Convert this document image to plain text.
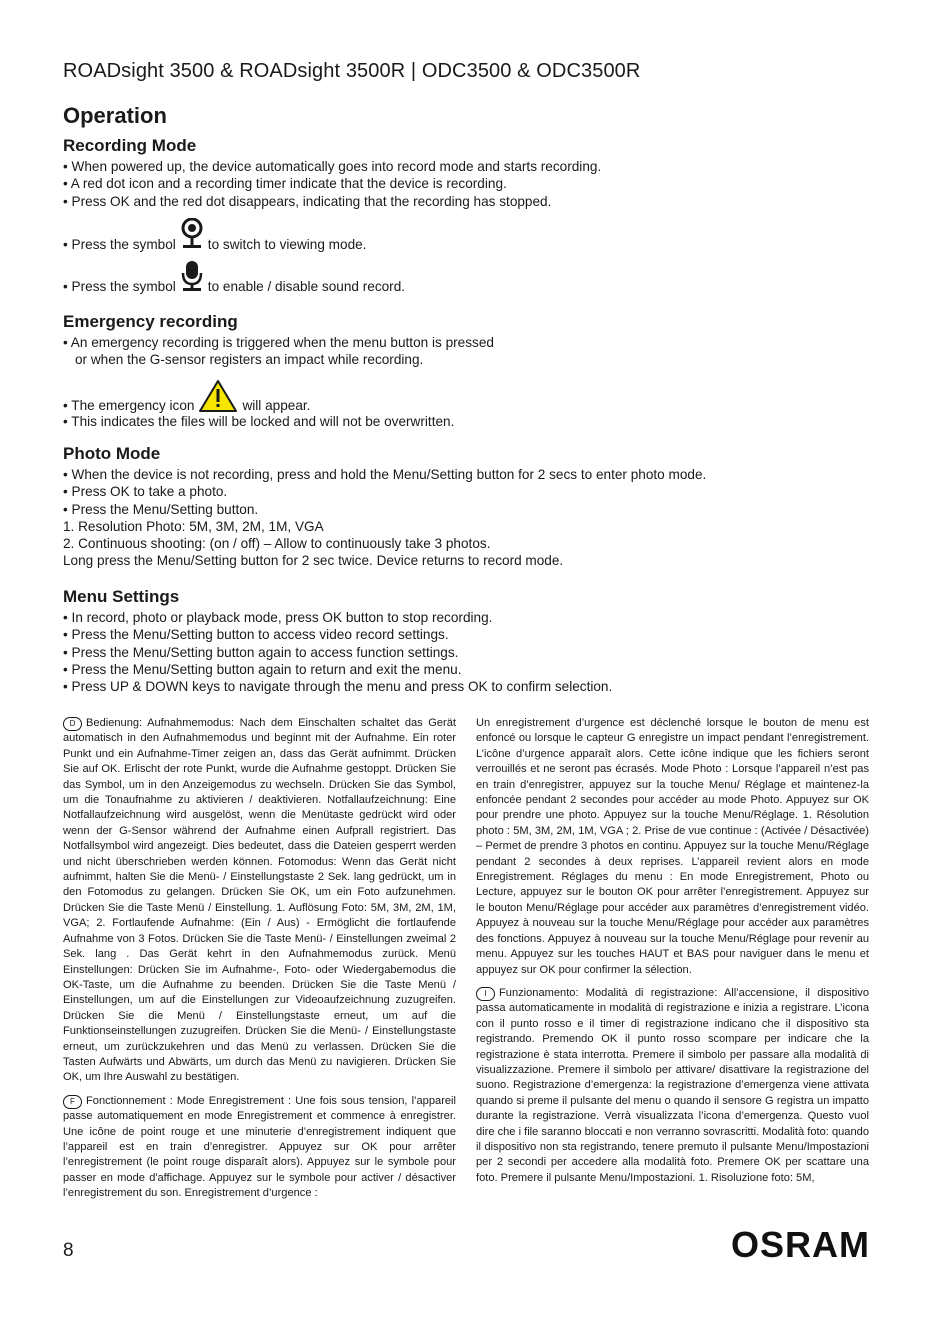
ROADsight 3500 & ROADsight 3500R | ODC3500 & ODC3500R
Operation
Recording Mode
• When powered up, the device automatically goes into record mode and starts recording.
• A red dot icon and a recording timer indicate that the device is recording.
• Press OK and the red dot disappears, indicating that the recording has stopped.
• Press the symbol to switch to viewing mode.
• Press the symbol to enable / disable sound record.
Emergency recording
• An emergency recording is triggered when the menu button is pressed
or when the G-sensor registers an impact while recording.
• The emergency icon	will appear.
• This indicates the files will be locked and will not be overwritten.
Photo Mode
• When the device is not recording, press and hold the Menu/Setting button for 2 secs to enter photo mode.
• Press OK to take a photo.
• Press the Menu/Setting button.
1. Resolution Photo: 5M, 3M, 2M, 1M, VGA
2. Continuous shooting: (on / off) – Allow to continuously take 3 photos.
Long press the Menu/Setting button for 2 sec twice. Device returns to record mode.
Menu Settings
• In record, photo or playback mode, press OK button to stop recording.
• Press the Menu/Setting button to access video record settings.
• Press the Menu/Setting button again to access function settings.
• Press the Menu/Setting button again to return and exit the menu.
• Press UP & DOWN keys to navigate through the menu and press OK to confirm selection.

D Bedienung: Aufnahmemodus: Nach dem Einschalten schaltet das Gerät automatisch in den Aufnahmemodus und beginnt mit der Aufnahme. Ein roter Punkt und ein Aufnahme-Timer zeigen an, dass das Gerät aufnimmt. Drücken Sie auf OK. Erlischt der rote Punkt, wurde die Aufnahme gestoppt. Drücken Sie das Symbol, um in den Anzeigemodus zu wechseln. Drücken Sie das Symbol, um die Tonaufnahme zu aktivieren / deaktivieren. Notfallaufzeichnung: Eine Notfallaufzeichnung wird ausgelöst, wenn die Menütaste gedrückt wird oder wenn der G-Sensor während der Aufnahme einen Aufprall registriert. Das Notfallsymbol wird angezeigt. Dies bedeutet, dass die Dateien gesperrt werden und nicht überschrieben werden können. Fotomodus: Wenn das Gerät nicht aufnimmt, halten Sie die Menü- / Einstellungstaste 2 Sek. lang gedrückt, um in den Fotomodus zu gelangen. Drücken Sie OK, um ein Foto aufzunehmen. Drücken Sie die Taste Menü / Einstellung. 1. Auflösung Foto: 5M, 3M, 2M, 1M, VGA; 2. Fortlaufende Aufnahme: (Ein / Aus) - Ermöglicht die fortlaufende Aufnahme von 3 Fotos. Drücken Sie die Taste Menü- / Einstellungen zweimal 2 Sek. lang . Das Gerät kehrt in den Aufnahmemodus zurück. Menü Einstellungen: Drücken Sie im Aufnahme-, Foto- oder Wiedergabemodus die OK-Taste, um die Aufnahme zu beenden. Drücken Sie die Taste Menü / Einstellungen, um auf die Einstellungen zur Videoaufzeichnung zuzugreifen. Drücken Sie die Menü / Einstellungstaste erneut, um auf die Funktionseinstellungen zuzugreifen. Drücken Sie die Menü- / Einstellungstaste erneut, um zurückzukehren und das Menü zu verlassen. Drücken Sie die Tasten Aufwärts und Abwärts, um durch das Menü zu navigieren. Drücken Sie OK, um Ihre Auswahl zu bestätigen.

F Fonctionnement : Mode Enregistrement : Une fois sous tension, l’appareil passe automatiquement en mode Enregistrement et commence à enregistrer. Une icône de point rouge et une minuterie d’enregistrement indiquent que l’appareil est en train d’enregistrer. Appuyez sur OK pour arrêter l’enregistrement (le point rouge disparaît alors). Appuyez sur le symbole pour passer en mode d'affichage. Appuyez sur le symbole pour activer / désactiver l’enregistrement du son. Enregistrement d’urgence :

Un enregistrement d’urgence est déclenché lorsque le bouton de menu est enfoncé ou lorsque le capteur G enregistre un impact pendant l’enregistrement. L’icône d’urgence apparaît alors. Cette icône indique que les fichiers seront verrouillés et ne seront pas écrasés. Mode Photo : Lorsque l’appareil n’est pas en train d’enregistrer, appuyez sur la touche Menu/ Réglage et maintenez-la enfoncée pendant 2 secondes pour accéder au mode Photo. Appuyez sur OK pour prendre une photo. Appuyez sur la touche Menu/Réglage. 1. Résolution photo : 5M, 3M, 2M, 1M, VGA ; 2. Prise de vue continue : (Activée / Désactivée) – Permet de prendre 3 photos en continu. Appuyez sur la touche Menu/Réglage pendant 2 secondes à deux reprises. L’appareil revient alors en mode Enregistrement. Réglages du menu : En mode Enregistrement, Photo ou Lecture, appuyez sur le bouton OK pour arrêter l’enregistrement. Appuyez sur le bouton Menu/Réglage pour accéder aux paramètres d’enregistrement vidéo. Appuyez à nouveau sur la touche Menu/Réglage pour accéder aux paramètres des fonctions. Appuyez à nouveau sur la touche Menu/Réglage pour revenir au menu. Appuyez sur les touches HAUT et BAS pour naviguer dans le menu et appuyez sur OK pour confirmer la sélection.

I Funzionamento: Modalità di registrazione: All’accensione, il dispositivo passa automaticamente in modalità di registrazione e inizia a registrare. L’icona con il punto rosso e il timer di registrazione indicano che il dispositivo sta registrando. Premendo OK il punto rosso scompare per indicare che la registrazione è stata interrotta. Premere il simbolo per passare alla modalità di visualizzazione. Premere il simbolo per attivare/ disattivare la registrazione del suono. Registrazione d’emergenza: la registrazione d’emergenza viene attivata quando si preme il pulsante del menu o quando il sensore G registra un impatto durante la registrazione. Verrà visualizzata l’icona d’emergenza. Questo vuol dire che i file saranno bloccati e non verranno sovrascritti. Modalità foto: quando il dispositivo non sta registrando, tenere premuto il pulsante Menu/Impostazioni per 2 secondi per accedere alla modalità foto. Premere OK per scattare una foto. Premere il pulsante Menu/Impostazioni. 1. Risoluzione foto: 5M,

8	OSRAM
